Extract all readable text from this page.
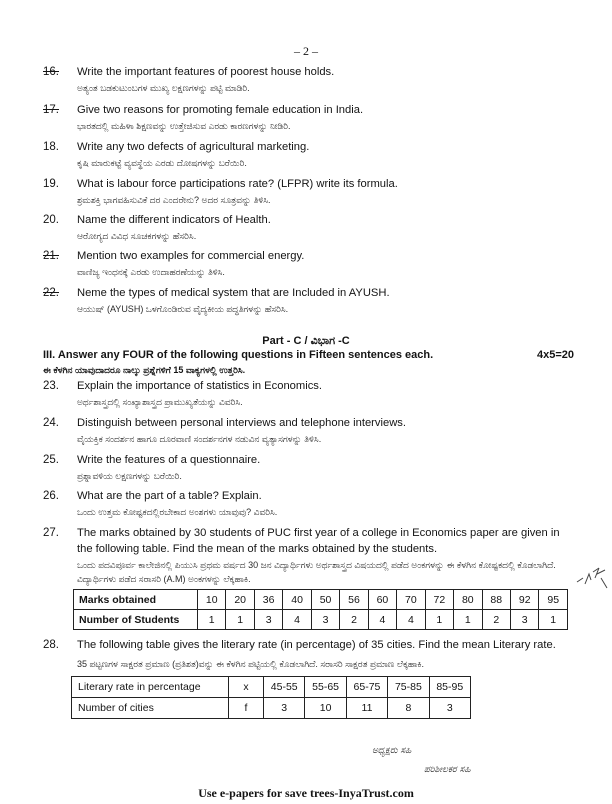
– 2 –
16. Write the important features of poorest house holds.
ಅತ್ಯಂತ ಬಡಕುಟುಂಬಗಳ ಮುಖ್ಯ ಲಕ್ಷಣಗಳನ್ನು ಪಟ್ಟಿ ಮಾಡಿರಿ.
17. Give two reasons for promoting female education in India.
ಭಾರತದಲ್ಲಿ ಮಹಿಳಾ ಶಿಕ್ಷಣವನ್ನು ಉತ್ತೇಜಿಸುವ ಎರಡು ಕಾರಣಗಳನ್ನು ನೀಡಿರಿ.
18. Write any two defects of agricultural marketing.
ಕೃಷಿ ಮಾರುಕಟ್ಟೆ ವ್ಯವಸ್ಥೆಯ ಎರಡು ದೋಷಗಳನ್ನು ಬರೆಯಿರಿ.
19. What is labour force participations rate? (LFPR) write its formula.
ಶ್ರಮಶಕ್ತಿ ಭಾಗವಹಿಸುವಿಕೆ ದರ ಎಂದರೇನು? ಅದರ ಸೂತ್ರವನ್ನು ತಿಳಿಸಿ.
20. Name the different indicators of Health.
ಆರೋಗ್ಯದ ವಿವಿಧ ಸೂಚಕಗಳನ್ನು ಹೆಸರಿಸಿ.
21. Mention two examples for commercial energy.
ವಾಣಿಜ್ಯ ಇಂಧನಕ್ಕೆ ಎರಡು ಉದಾಹರಣೆಯನ್ನು ತಿಳಿಸಿ.
22. Neme the types of medical system that are Included in AYUSH.
ಆಯುಷ್ (AYUSH) ಒಳಗೊಂಡಿರುವ ವೈದ್ಯಕೀಯ ಪದ್ಧತಿಗಳನ್ನು ಹೆಸರಿಸಿ.
Part - C / ವಿಭಾಗ -C
III. Answer any FOUR of the following questions in Fifteen sentences each.	4x5=20
ಈ ಕೆಳಗಿನ ಯಾವುದಾದರೂ ನಾಲ್ಕು ಪ್ರಶ್ನೆಗಳಿಗೆ 15 ವಾಕ್ಯಗಳಲ್ಲಿ ಉತ್ತರಿಸಿ.
23. Explain the importance of statistics in Economics.
ಅರ್ಥಶಾಸ್ತ್ರದಲ್ಲಿ ಸಂಖ್ಯಾಶಾಸ್ತ್ರದ ಪ್ರಾಮುಖ್ಯತೆಯನ್ನು ವಿವರಿಸಿ.
24. Distinguish between personal interviews and telephone interviews.
ವೈಯಕ್ತಿಕ ಸಂದರ್ಶನ ಹಾಗೂ ದೂರವಾಣಿ ಸಂದರ್ಶನಗಳ ನಡುವಿನ ವ್ಯತ್ಯಾಸಗಳನ್ನು ತಿಳಿಸಿ.
25. Write the features of a questionnaire.
ಪ್ರಶ್ನಾವಳಿಯ ಲಕ್ಷಣಗಳನ್ನು ಬರೆಯಿರಿ.
26. What are the part of a table? Explain.
ಒಂದು ಉತ್ತಮ ಕೋಷ್ಟಕದಲ್ಲಿರಬೇಕಾದ ಅಂಶಗಳು ಯಾವುವು? ವಿವರಿಸಿ.
27. The marks obtained by 30 students of PUC first year of a college in Economics paper are given in the following table. Find the mean of the marks obtained by the students.
ಒಂದು ಪದವಿಪೂರ್ವ ಕಾಲೇಜಿನಲ್ಲಿ ಪಿಯುಸಿ ಪ್ರಥಮ ವರ್ಷದ 30 ಜನ ವಿದ್ಯಾರ್ಥಿಗಳು ಅರ್ಥಶಾಸ್ತ್ರದ ವಿಷಯದಲ್ಲಿ ಪಡೆದ ಅಂಕಗಳನ್ನು ಈ ಕೆಳಗಿನ ಕೋಷ್ಟಕದಲ್ಲಿ ಕೊಡಲಾಗಿದೆ. ವಿದ್ಯಾರ್ಥಿಗಳು ಪಡೆದ ಸರಾಸರಿ (A.M) ಅಂಕಗಳನ್ನು ಲೆಕ್ಕಹಾಕಿ.
Marks obtained	10	20	36	40	50	56	60	70	72	80	88	92	95
Number of Students	1	1	3	4	3	2	4	4	1	1	2	3	1
28. The following table gives the literary rate (in percentage) of 35 cities. Find the mean Literary rate.
35 ಪಟ್ಟಣಗಳ ಸಾಕ್ಷರತ ಪ್ರಮಾಣ (ಪ್ರತಿಶತ)ವನ್ನು ಈ ಕೆಳಗಿನ ಪಟ್ಟಿಯಲ್ಲಿ ಕೊಡಲಾಗಿದೆ. ಸರಾಸರಿ ಸಾಕ್ಷರತ ಪ್ರಮಾಣ ಲೆಕ್ಕಹಾಕಿ.
Literary rate in percentage	x	45-55	55-65	65-75	75-85	85-95
Number of cities	f	3	10	11	8	3
ಅಧ್ಯಕ್ಷರು ಸಹಿ
ಪರಿಶೀಲಕರ ಸಹಿ
Use e-papers for save trees-InyaTrust.com
